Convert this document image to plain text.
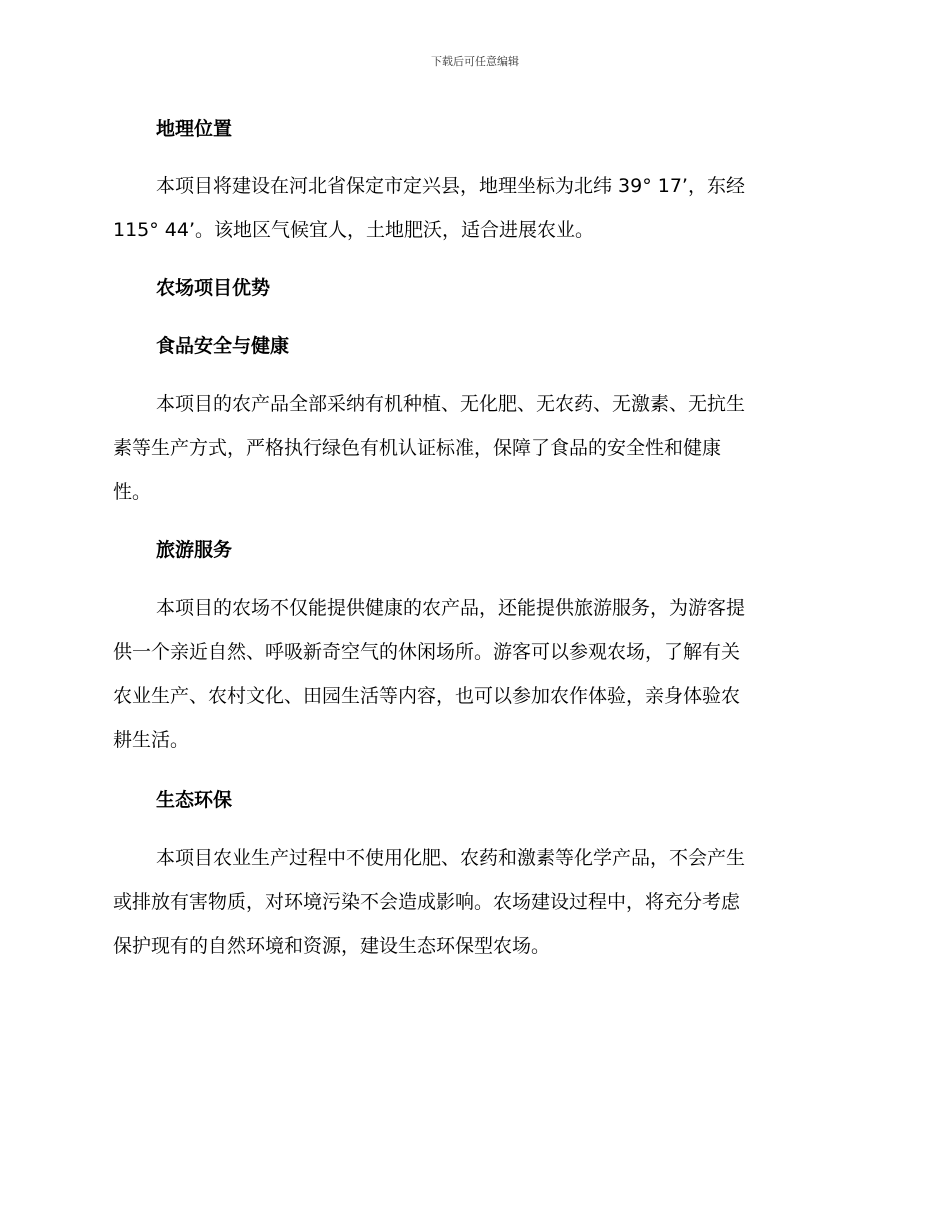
下载后可任意编辑
地理位置

本项目将建设在河北省保定市定兴县，地理坐标为北纬 39° 17’，东经
115° 44’。该地区气候宜人，土地肥沃，适合进展农业。

农场项目优势
食品安全与健康

本项目的农产品全部采纳有机种植、无化肥、无农药、无激素、无抗生
素等生产方式，严格执行绿色有机认证标准，保障了食品的安全性和健康
性。

旅游服务

本项目的农场不仅能提供健康的农产品，还能提供旅游服务，为游客提
供一个亲近自然、呼吸新奇空气的休闲场所。游客可以参观农场，了解有关
农业生产、农村文化、田园生活等内容，也可以参加农作体验，亲身体验农
耕生活。

生态环保

本项目农业生产过程中不使用化肥、农药和激素等化学产品，不会产生
或排放有害物质，对环境污染不会造成影响。农场建设过程中，将充分考虑
保护现有的自然环境和资源，建设生态环保型农场。
